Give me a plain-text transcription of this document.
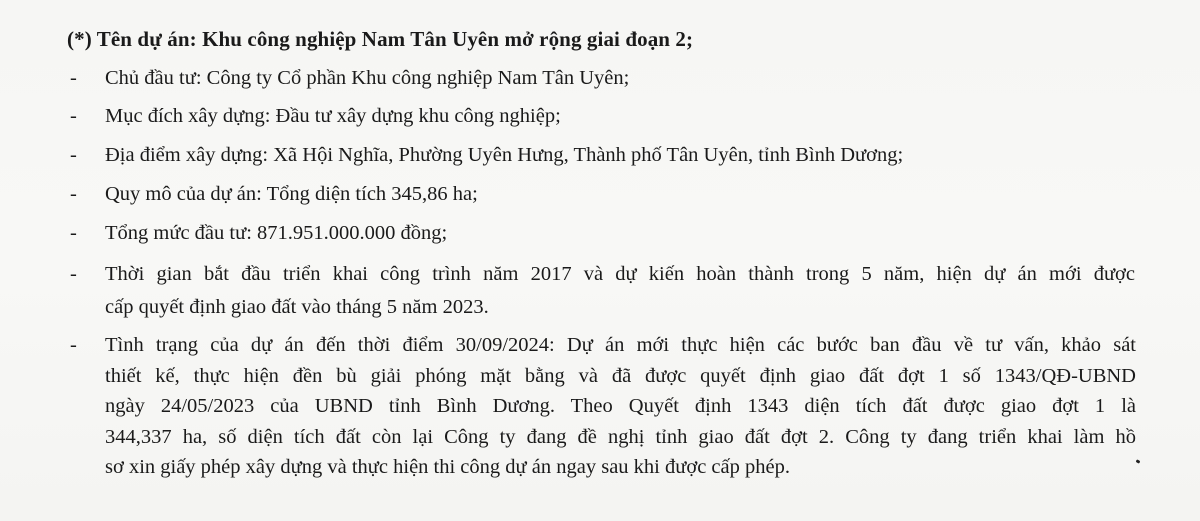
(*) Tên dự án: Khu công nghiệp Nam Tân Uyên mở rộng giai đoạn 2;
-	Chủ đầu tư: Công ty Cổ phần Khu công nghiệp Nam Tân Uyên;
-	Mục đích xây dựng: Đầu tư xây dựng khu công nghiệp;
-	Địa điểm xây dựng: Xã Hội Nghĩa, Phường Uyên Hưng, Thành phố Tân Uyên, tỉnh Bình Dương;
-	Quy mô của dự án: Tổng diện tích 345,86 ha;
-	Tổng mức đầu tư: 871.951.000.000 đồng;
-	Thời gian bắt đầu triển khai công trình năm 2017 và dự kiến hoàn thành trong 5 năm, hiện dự án mới được
cấp quyết định giao đất vào tháng 5 năm 2023.
-	Tình trạng của dự án đến thời điểm 30/09/2024: Dự án mới thực hiện các bước ban đầu về tư vấn, khảo sát
thiết kế, thực hiện đền bù giải phóng mặt bằng và đã được quyết định giao đất đợt 1 số 1343/QĐ-UBND
ngày 24/05/2023 của UBND tỉnh Bình Dương. Theo Quyết định 1343 diện tích đất được giao đợt 1 là
344,337 ha, số diện tích đất còn lại Công ty đang đề nghị tỉnh giao đất đợt 2. Công ty đang triển khai làm hồ
sơ xin giấy phép xây dựng và thực hiện thi công dự án ngay sau khi được cấp phép.
